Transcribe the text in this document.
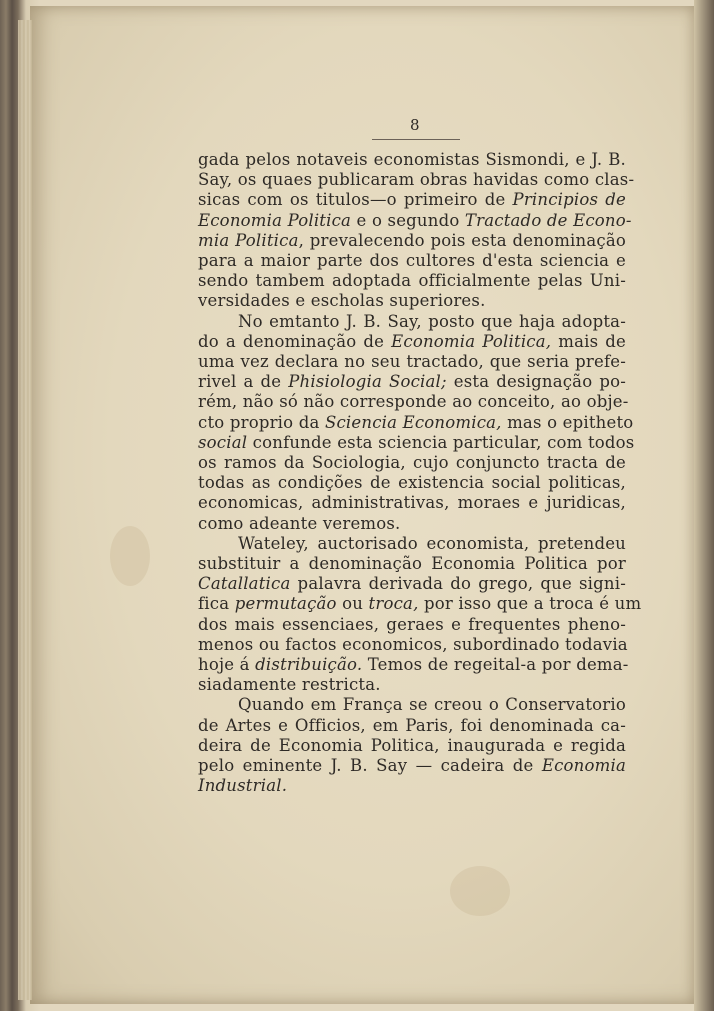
8
gada pelos notaveis economistas Sismondi, e J. B.
Say, os quaes publicaram obras havidas como clas-
sicas com os titulos—o primeiro de Principios de
Economia Politica e o segundo Tractado de Econo-
mia Politica, prevalecendo pois esta denominação
para a maior parte dos cultores d'esta sciencia e
sendo tambem adoptada officialmente pelas Uni-
versidades e escholas superiores.
No emtanto J. B. Say, posto que haja adopta-
do a denominação de Economia Politica, mais de
uma vez declara no seu tractado, que seria prefe-
rivel a de Phisiologia Social; esta designação po-
rém, não só não corresponde ao conceito, ao obje-
cto proprio da Sciencia Economica, mas o epitheto
social confunde esta sciencia particular, com todos
os ramos da Sociologia, cujo conjuncto tracta de
todas as condições de existencia social politicas,
economicas, administrativas, moraes e juridicas,
como adeante veremos.
Wateley, auctorisado economista, pretendeu
substituir a denominação Economia Politica por
Catallatica palavra derivada do grego, que signi-
fica permutação ou troca, por isso que a troca é um
dos mais essenciaes, geraes e frequentes pheno-
menos ou factos economicos, subordinado todavia
hoje á distribuição. Temos de regeital-a por dema-
siadamente restricta.
Quando em França se creou o Conservatorio
de Artes e Officios, em Paris, foi denominada ca-
deira de Economia Politica, inaugurada e regida
pelo eminente J. B. Say — cadeira de Economia
Industrial.
